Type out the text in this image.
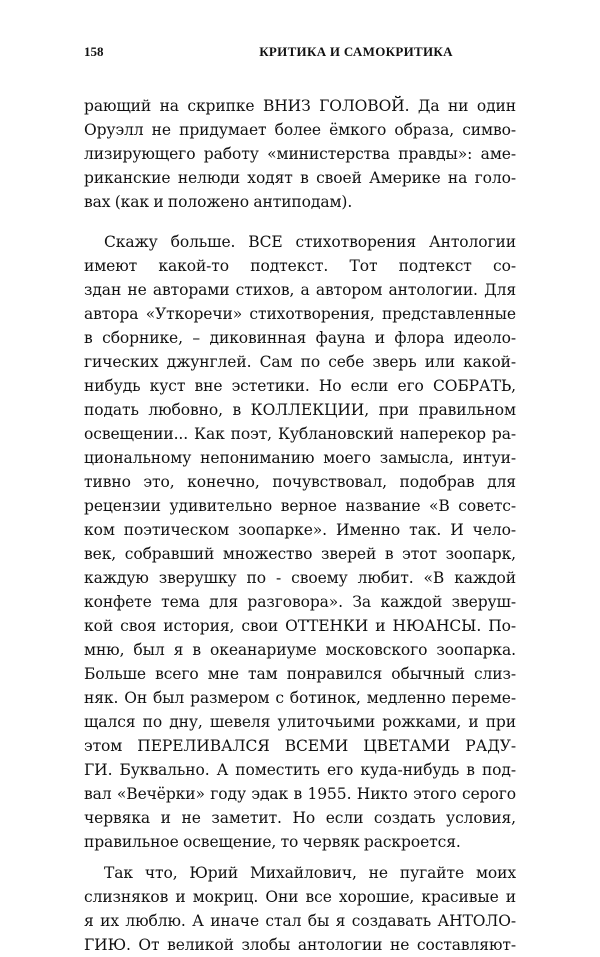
158	КРИТИКА И САМОКРИТИКА
рающий на скрипке ВНИЗ ГОЛОВОЙ. Да ни один
Оруэлл не придумает более ёмкого образа, симво-
лизирующего работу «министерства правды»: аме-
риканские нелюди ходят в своей Америке на голо-
вах (как и положено антиподам).
Скажу больше. ВСЕ стихотворения Антологии
имеют какой-то подтекст. Тот подтекст со-
здан не авторами стихов, а автором антологии. Для
автора «Уткоречи» стихотворения, представленные
в сборнике, – диковинная фауна и флора идеоло-
гических джунглей. Сам по себе зверь или какой-
нибудь куст вне эстетики. Но если его СОБРАТЬ,
подать любовно, в КОЛЛЕКЦИИ, при правильном
освещении... Как поэт, Кублановский наперекор ра-
циональному непониманию моего замысла, интуи-
тивно это, конечно, почувствовал, подобрав для
рецензии удивительно верное название «В советс-
ком поэтическом зоопарке». Именно так. И чело-
век, собравший множество зверей в этот зоопарк,
каждую зверушку по - своему любит. «В каждой
конфете тема для разговора». За каждой зверуш-
кой своя история, свои ОТТЕНКИ и НЮАНСЫ. По-
мню, был я в океанариуме московского зоопарка.
Больше всего мне там понравился обычный слиз-
няк. Он был размером с ботинок, медленно переме-
щался по дну, шевеля улиточьими рожками, и при
этом ПЕРЕЛИВАЛСЯ ВСЕМИ ЦВЕТАМИ РАДУ-
ГИ. Буквально. А поместить его куда-нибудь в под-
вал «Вечёрки» году эдак в 1955. Никто этого серого
червяка и не заметит. Но если создать условия,
правильное освещение, то червяк раскроется.
Так что, Юрий Михайлович, не пугайте моих
слизняков и мокриц. Они все хорошие, красивые и
я их люблю. А иначе стал бы я создавать АНТОЛО-
ГИЮ. От великой злобы антологии не составляют-
